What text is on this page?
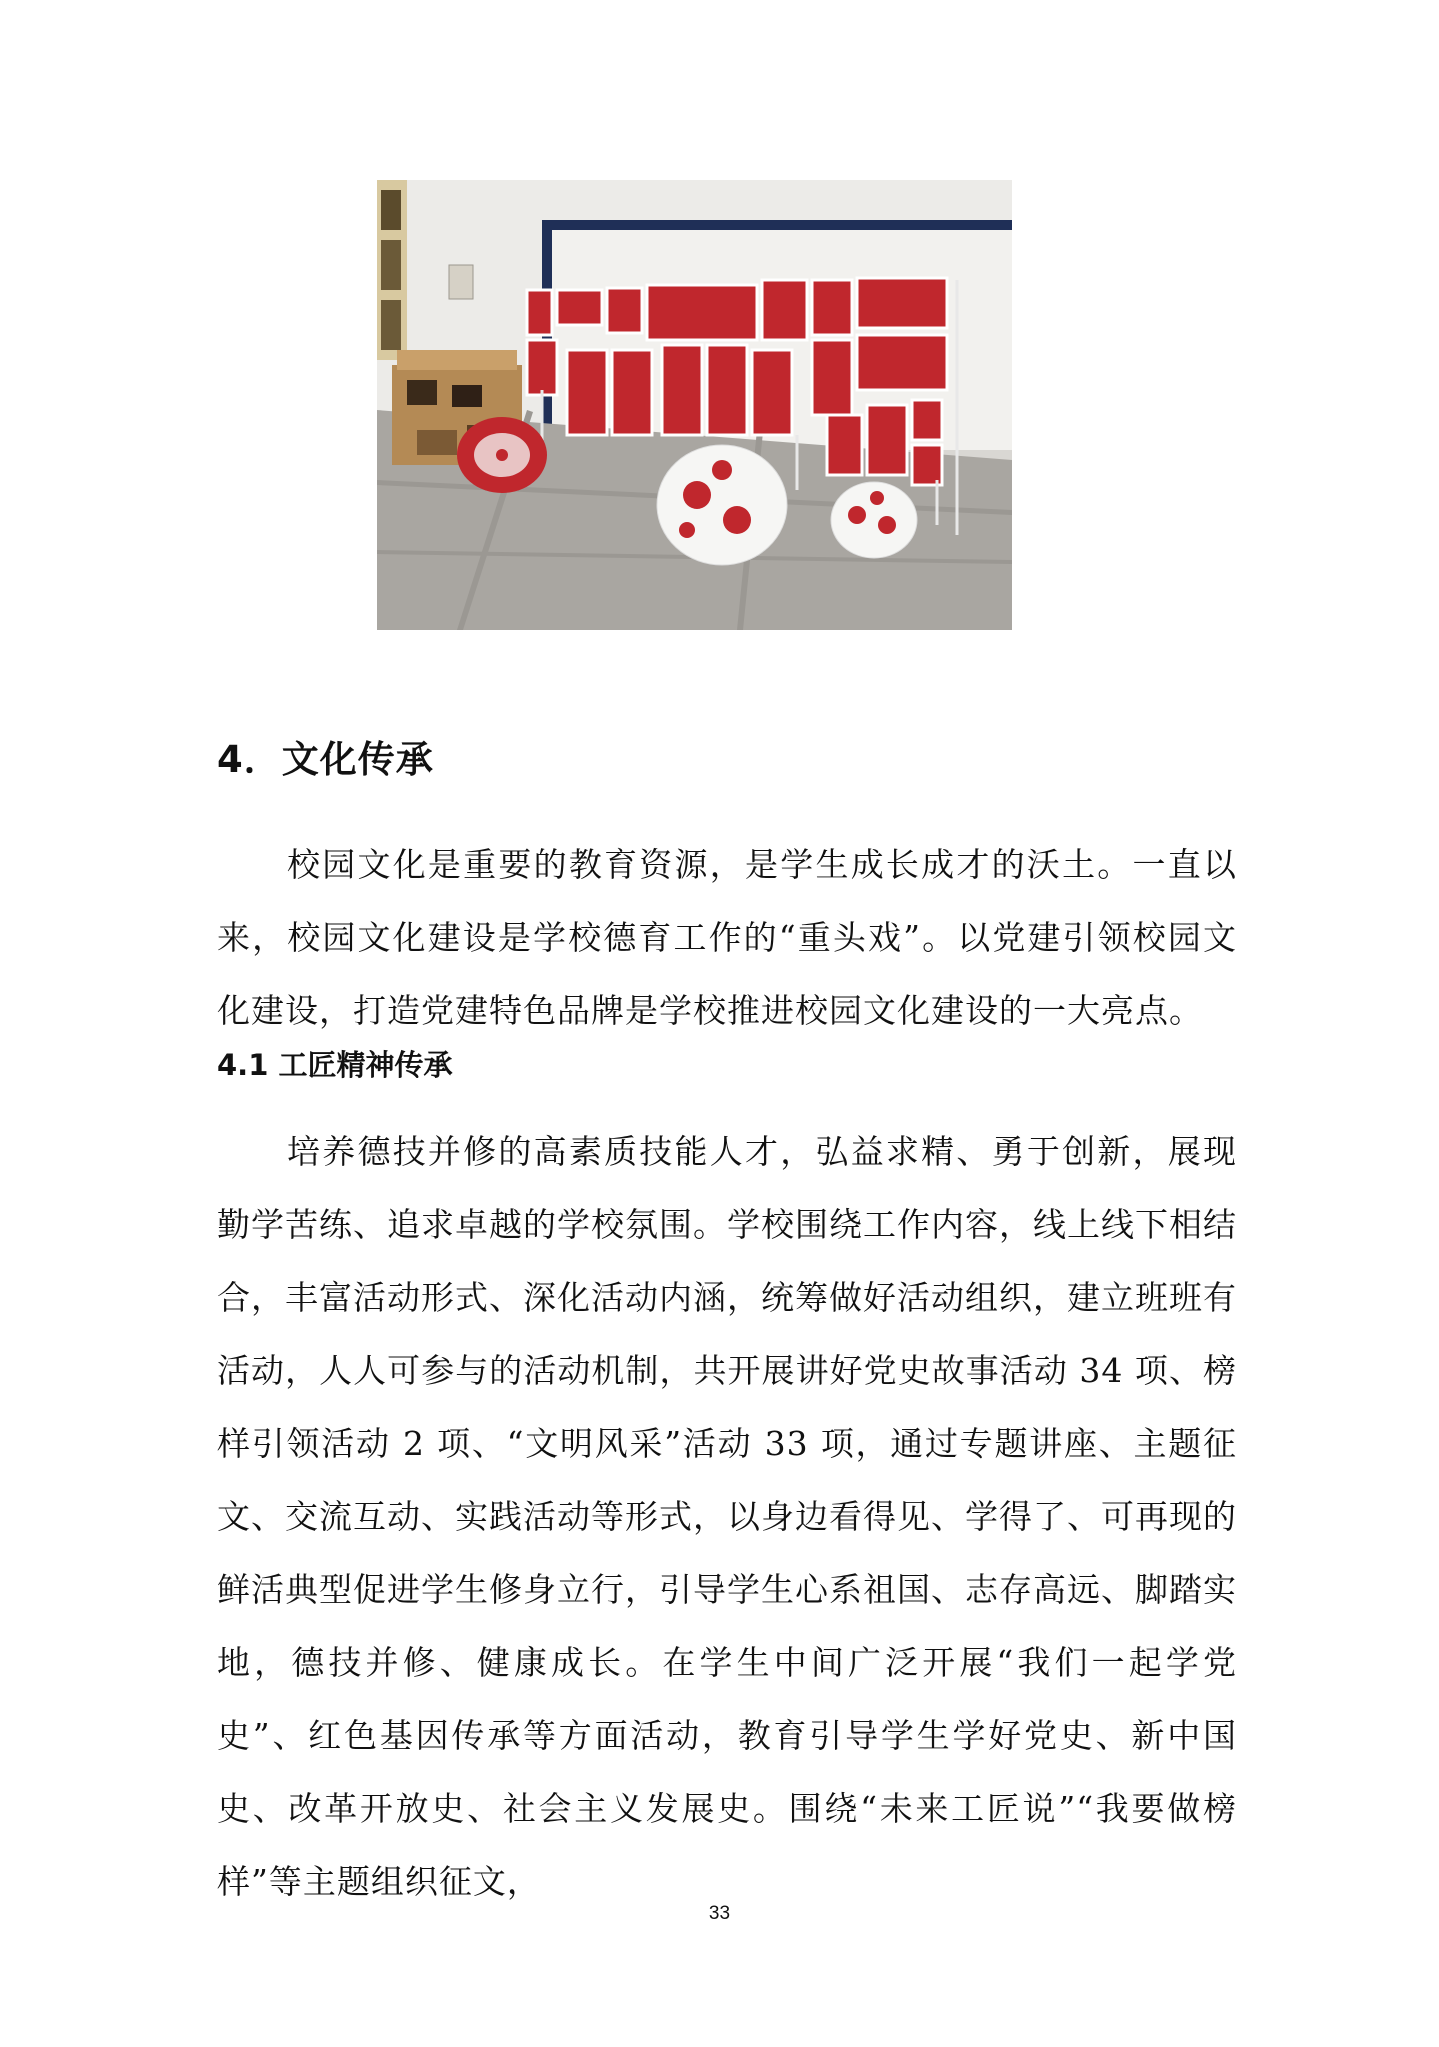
4．文化传承

校园文化是重要的教育资源，是学生成长成才的沃土。一直以来，校园文化建设是学校德育工作的“重头戏”。以党建引领校园文化建设，打造党建特色品牌是学校推进校园文化建设的一大亮点。

4.1 工匠精神传承

培养德技并修的高素质技能人才，弘益求精、勇于创新，展现勤学苦练、追求卓越的学校氛围。学校围绕工作内容，线上线下相结合，丰富活动形式、深化活动内涵，统筹做好活动组织，建立班班有活动，人人可参与的活动机制，共开展讲好党史故事活动 34 项、榜样引领活动 2 项、“文明风采”活动 33 项，通过专题讲座、主题征文、交流互动、实践活动等形式，以身边看得见、学得了、可再现的鲜活典型促进学生修身立行，引导学生心系祖国、志存高远、脚踏实地，德技并修、健康成长。在学生中间广泛开展“我们一起学党史”、红色基因传承等方面活动，教育引导学生学好党史、新中国史、改革开放史、社会主义发展史。围绕“未来工匠说”“我要做榜样”等主题组织征文，

33
